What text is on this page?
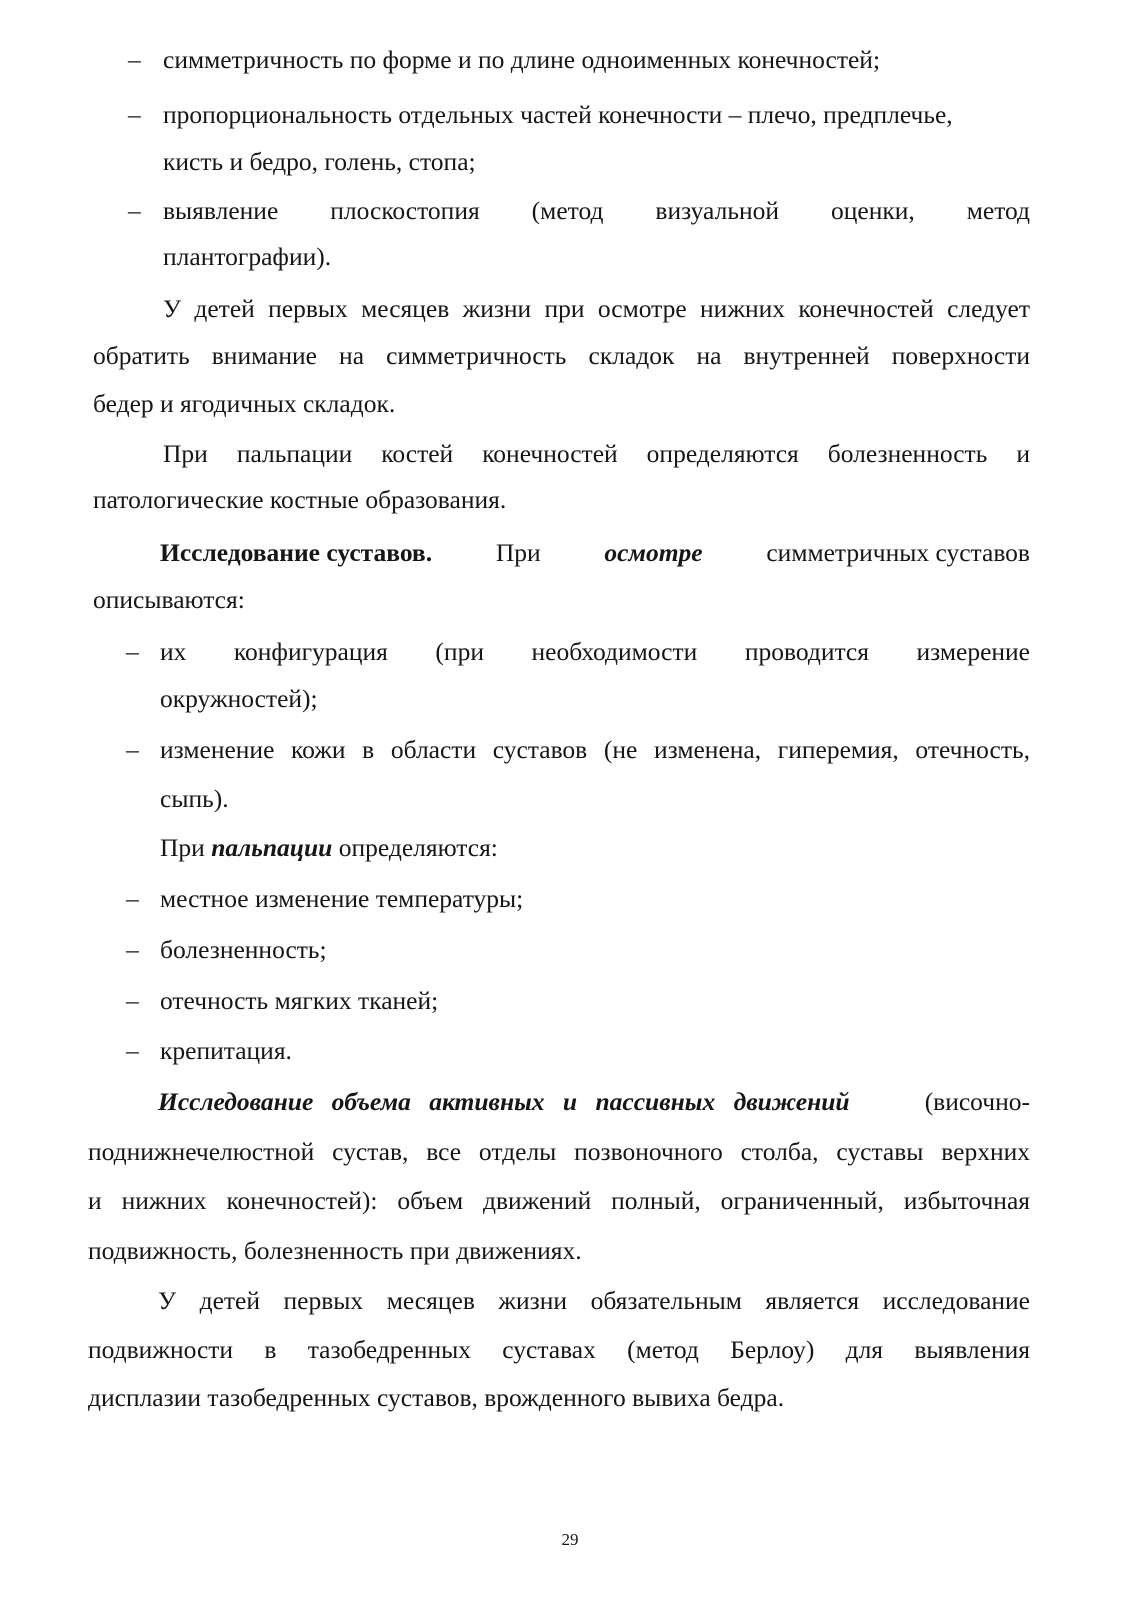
– симметричность по форме и по длине одноименных конечностей;
– пропорциональность отдельных частей конечности – плечо, предплечье,
кисть и бедро, голень, стопа;
– выявление плоскостопия (метод визуальной оценки, метод
плантографии).
У детей первых месяцев жизни при осмотре нижних конечностей следует
обратить внимание на симметричность складок на внутренней поверхности
бедер и ягодичных складок.
При пальпации костей конечностей определяются болезненность и
патологические костные образования.
Исследование суставов.	При	осмотре	симметричных суставов
описываются:
– их конфигурация (при необходимости проводится измерение
окружностей);
– изменение кожи в области суставов (не изменена, гиперемия, отечность,
сыпь).
При пальпации определяются:
– местное изменение температуры;
– болезненность;
– отечность мягких тканей;
– крепитация.
Исследование объема активных и пассивных движений	(височно-
поднижнечелюстной сустав, все отделы позвоночного столба, суставы верхних
и нижних конечностей): объем движений полный, ограниченный, избыточная
подвижность, болезненность при движениях.
У детей первых месяцев жизни обязательным является исследование
подвижности в тазобедренных суставах (метод Берлоу) для выявления
дисплазии тазобедренных суставов, врожденного вывиха бедра.
29
